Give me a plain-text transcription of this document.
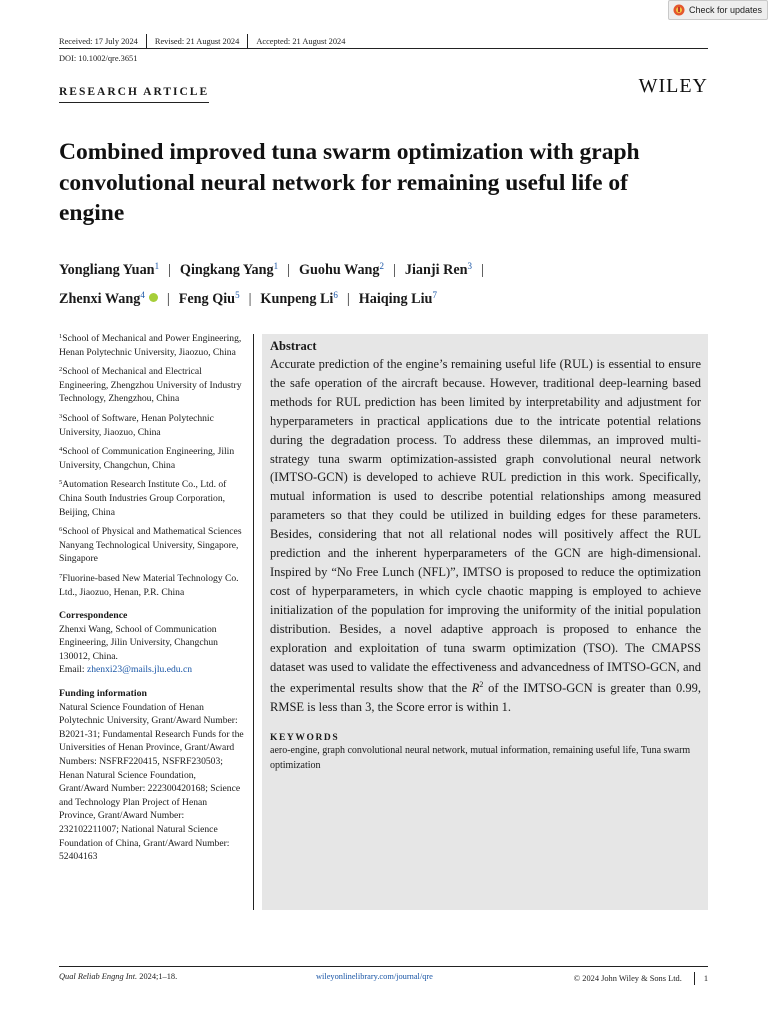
Check for updates
Received: 17 July 2024 Revised: 21 August 2024 Accepted: 21 August 2024
DOI: 10.1002/qre.3651
WILEY
RESEARCH ARTICLE
Combined improved tuna swarm optimization with graph convolutional neural network for remaining useful life of engine
Yongliang Yuan$^1$ | Qingkang Yang$^1$ | Guohu Wang$^2$ | Jianji Ren$^3$ |
Zhenxi Wang$^4$ | Feng Qiu$^5$ | Kunpeng Li$^6$ | Haiqing Liu$^7$
$^1$School of Mechanical and Power Engineering, Henan Polytechnic University, Jiaozuo, China
$^2$School of Mechanical and Electrical Engineering, Zhengzhou University of Industry Technology, Zhengzhou, China
$^3$School of Software, Henan Polytechnic University, Jiaozuo, China
$^4$School of Communication Engineering, Jilin University, Changchun, China
$^5$Automation Research Institute Co., Ltd. of China South Industries Group Corporation, Beijing, China
$^6$School of Physical and Mathematical Sciences Nanyang Technological University, Singapore, Singapore
$^7$Fluorine-based New Material Technology Co. Ltd., Jiaozuo, Henan, P.R. China
Correspondence
Zhenxi Wang, School of Communication Engineering, Jilin University, Changchun 130012, China.
Email: zhenxi23@mails.jlu.edu.cn
Funding information
Natural Science Foundation of Henan Polytechnic University, Grant/Award Number: B2021-31; Fundamental Research Funds for the Universities of Henan Province, Grant/Award Numbers: NSFRF220415, NSFRF230503; Henan Natural Science Foundation, Grant/Award Number: 222300420168; Science and Technology Plan Project of Henan Province, Grant/Award Number: 232102211007; National Natural Science Foundation of China, Grant/Award Number: 52404163
Abstract

Accurate prediction of the engine’s remaining useful life (RUL) is essential to ensure the safe operation of the aircraft because. However, traditional deep-learning based methods for RUL prediction has been limited by interpretability and adjustment for hyperparameters in practical applications due to the intricate potential relations during the degradation process. To address these dilemmas, an improved multi-strategy tuna swarm optimization-assisted graph convolutional neural network (IMTSO-GCN) is developed to achieve RUL prediction in this work. Specifically, mutual information is used to describe potential relationships among measured parameters so that they could be utilized in building edges for these parameters. Besides, considering that not all relational nodes will positively affect the RUL prediction and the inherent hyperparameters of the GCN are high-dimensional. Inspired by “No Free Lunch (NFL)”, IMTSO is proposed to reduce the optimization cost of hyperparameters, in which cycle chaotic mapping is employed to achieve initialization of the population for improving the uniformity of the initial population distribution. Besides, a novel adaptive approach is proposed to enhance the exploration and exploitation of tuna swarm optimization (TSO). The CMAPSS dataset was used to validate the effectiveness and advancedness of IMTSO-GCN, and the experimental results show that the $R^2$ of the IMTSO-GCN is greater than 0.99, RMSE is less than 3, the Score error is within 1.

KEYWORDS
aero-engine, graph convolutional neural network, mutual information, remaining useful life, Tuna swarm optimization
Qual Reliab Engng Int. 2024;1–18.	wileyonlinelibrary.com/journal/qre	© 2024 John Wiley & Sons Ltd.	1
